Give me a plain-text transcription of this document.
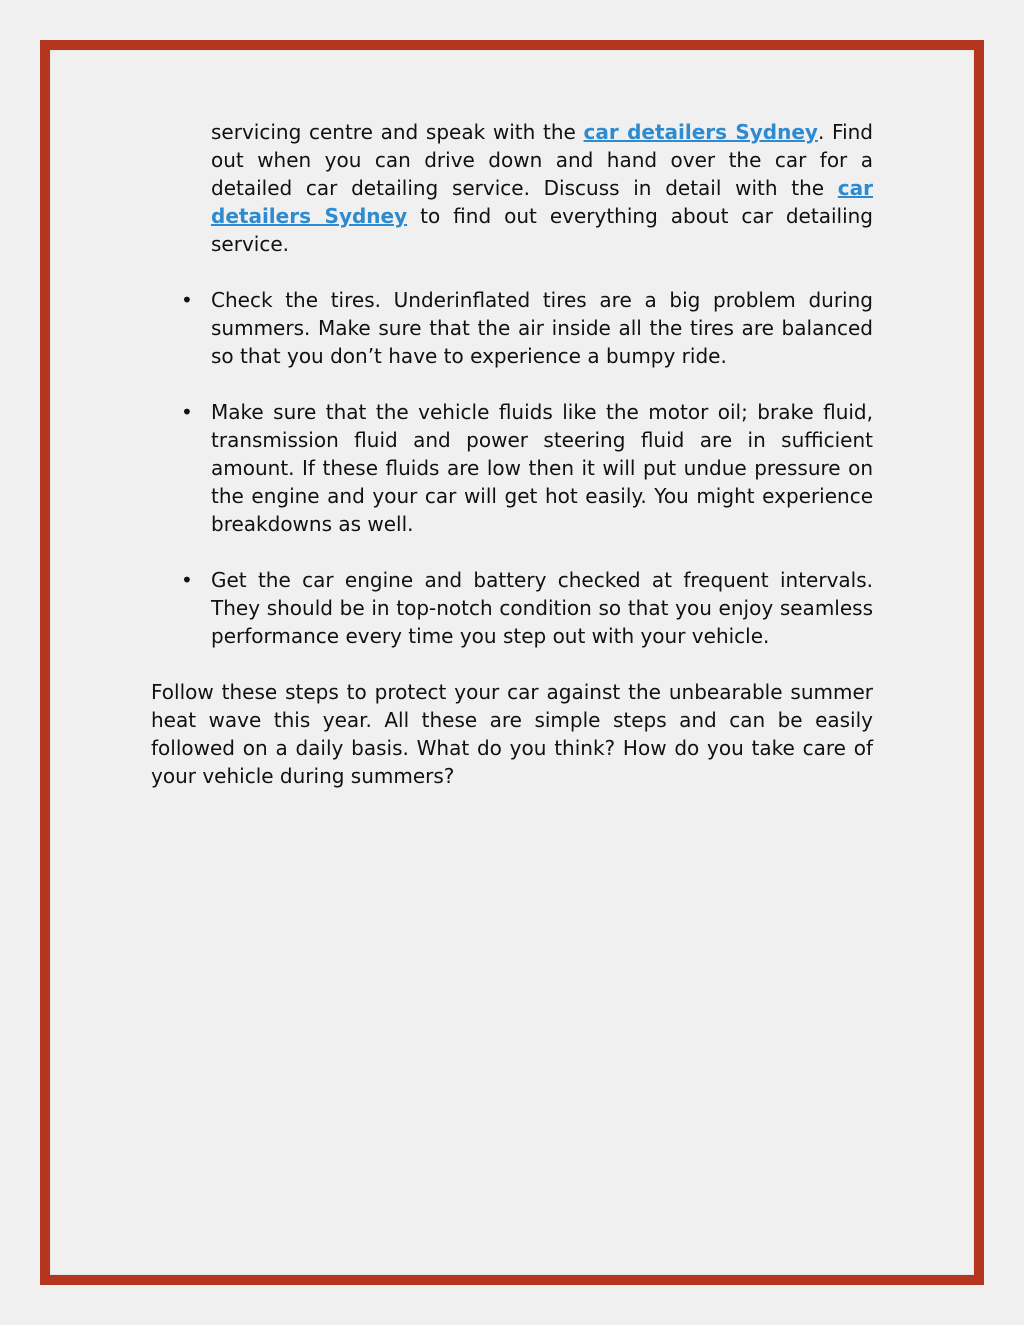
servicing centre and speak with the car detailers Sydney. Find out when you can drive down and hand over the car for a detailed car detailing service. Discuss in detail with the car detailers Sydney to find out everything about car detailing service.

• Check the tires. Underinflated tires are a big problem during summers. Make sure that the air inside all the tires are balanced so that you don’t have to experience a bumpy ride.

• Make sure that the vehicle fluids like the motor oil; brake fluid, transmission fluid and power steering fluid are in sufficient amount. If these fluids are low then it will put undue pressure on the engine and your car will get hot easily. You might experience breakdowns as well.

• Get the car engine and battery checked at frequent intervals. They should be in top-notch condition so that you enjoy seamless performance every time you step out with your vehicle.

Follow these steps to protect your car against the unbearable summer heat wave this year. All these are simple steps and can be easily followed on a daily basis. What do you think? How do you take care of your vehicle during summers?
